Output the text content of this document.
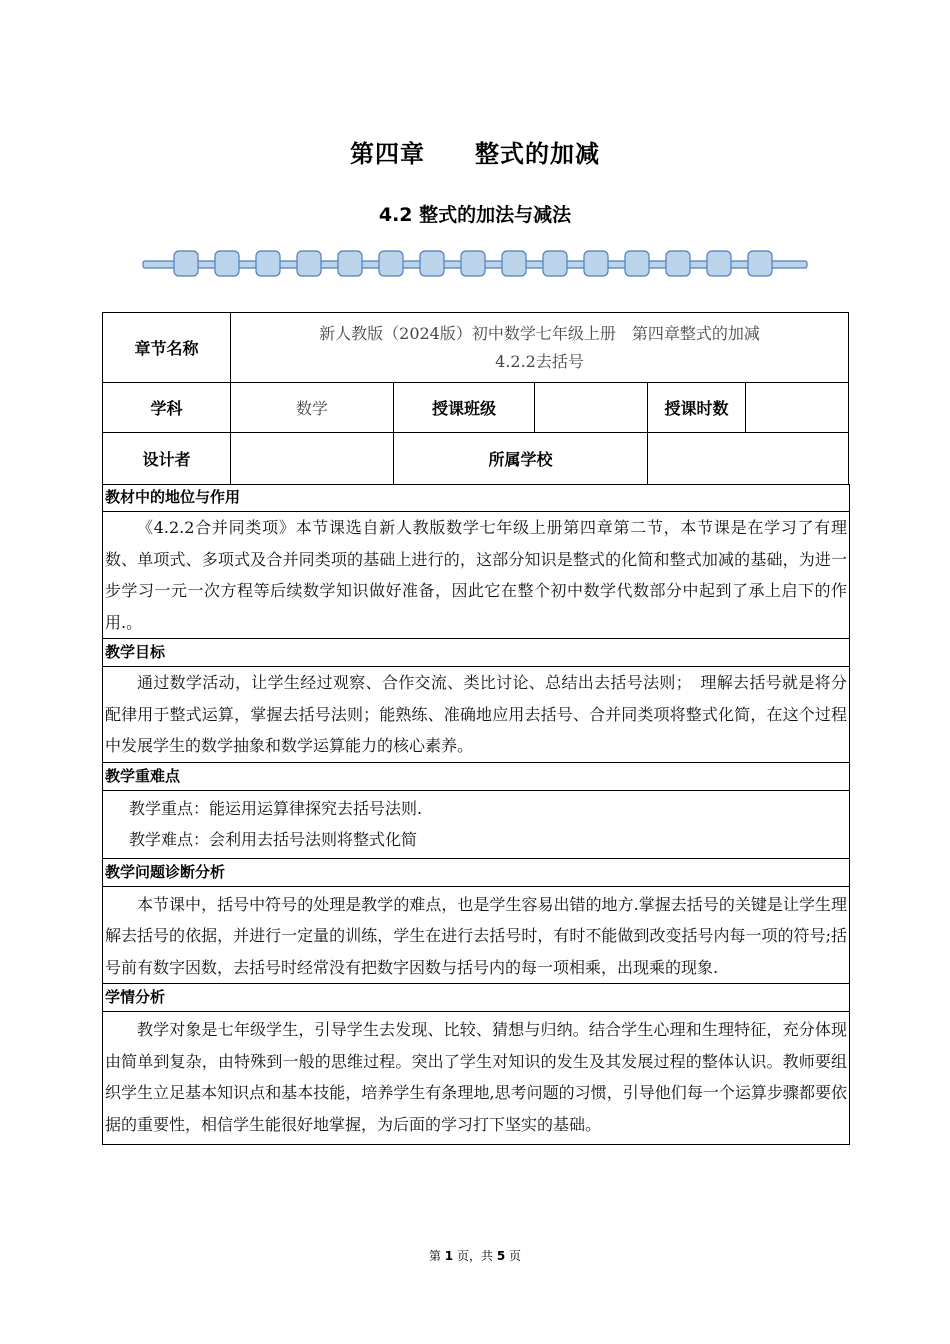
第四章　　整式的加减
4.2 整式的加法与减法
章节名称	新人教版（2024版）初中数学七年级上册　第四章整式的加减
4.2.2去括号				

学科	数学	授课班级		授课时数	
设计者		所属学校			
教材中的地位与作用

《4.2.2合并同类项》本节课选自新人教版数学七年级上册第四章第二节，本节课是在学习了有理数、单项式、多项式及合并同类项的基础上进行的，这部分知识是整式的化简和整式加减的基础，为进一步学习一元一次方程等后续数学知识做好准备，因此它在整个初中数学代数部分中起到了承上启下的作用.。

教学目标

通过数学活动，让学生经过观察、合作交流、类比讨论、总结出去括号法则；　理解去括号就是将分配律用于整式运算，掌握去括号法则；能熟练、准确地应用去括号、合并同类项将整式化简，在这个过程中发展学生的数学抽象和数学运算能力的核心素养。

教学重难点

教学重点：能运用运算律探究去括号法则.

教学难点：会利用去括号法则将整式化简

教学问题诊断分析

本节课中，括号中符号的处理是教学的难点，也是学生容易出错的地方.掌握去括号的关键是让学生理解去括号的依据，并进行一定量的训练，学生在进行去括号时，有时不能做到改变括号内每一项的符号;括号前有数字因数，去括号时经常没有把数字因数与括号内的每一项相乘，出现乘的现象.

学情分析

教学对象是七年级学生，引导学生去发现、比较、猜想与归纳。结合学生心理和生理特征，充分体现由简单到复杂，由特殊到一般的思维过程。突出了学生对知识的发生及其发展过程的整体认识。教师要组织学生立足基本知识点和基本技能，培养学生有条理地,思考问题的习惯，引导他们每一个运算步骤都要依据的重要性，相信学生能很好地掌握，为后面的学习打下坚实的基础。

第 1 页，共 5 页
